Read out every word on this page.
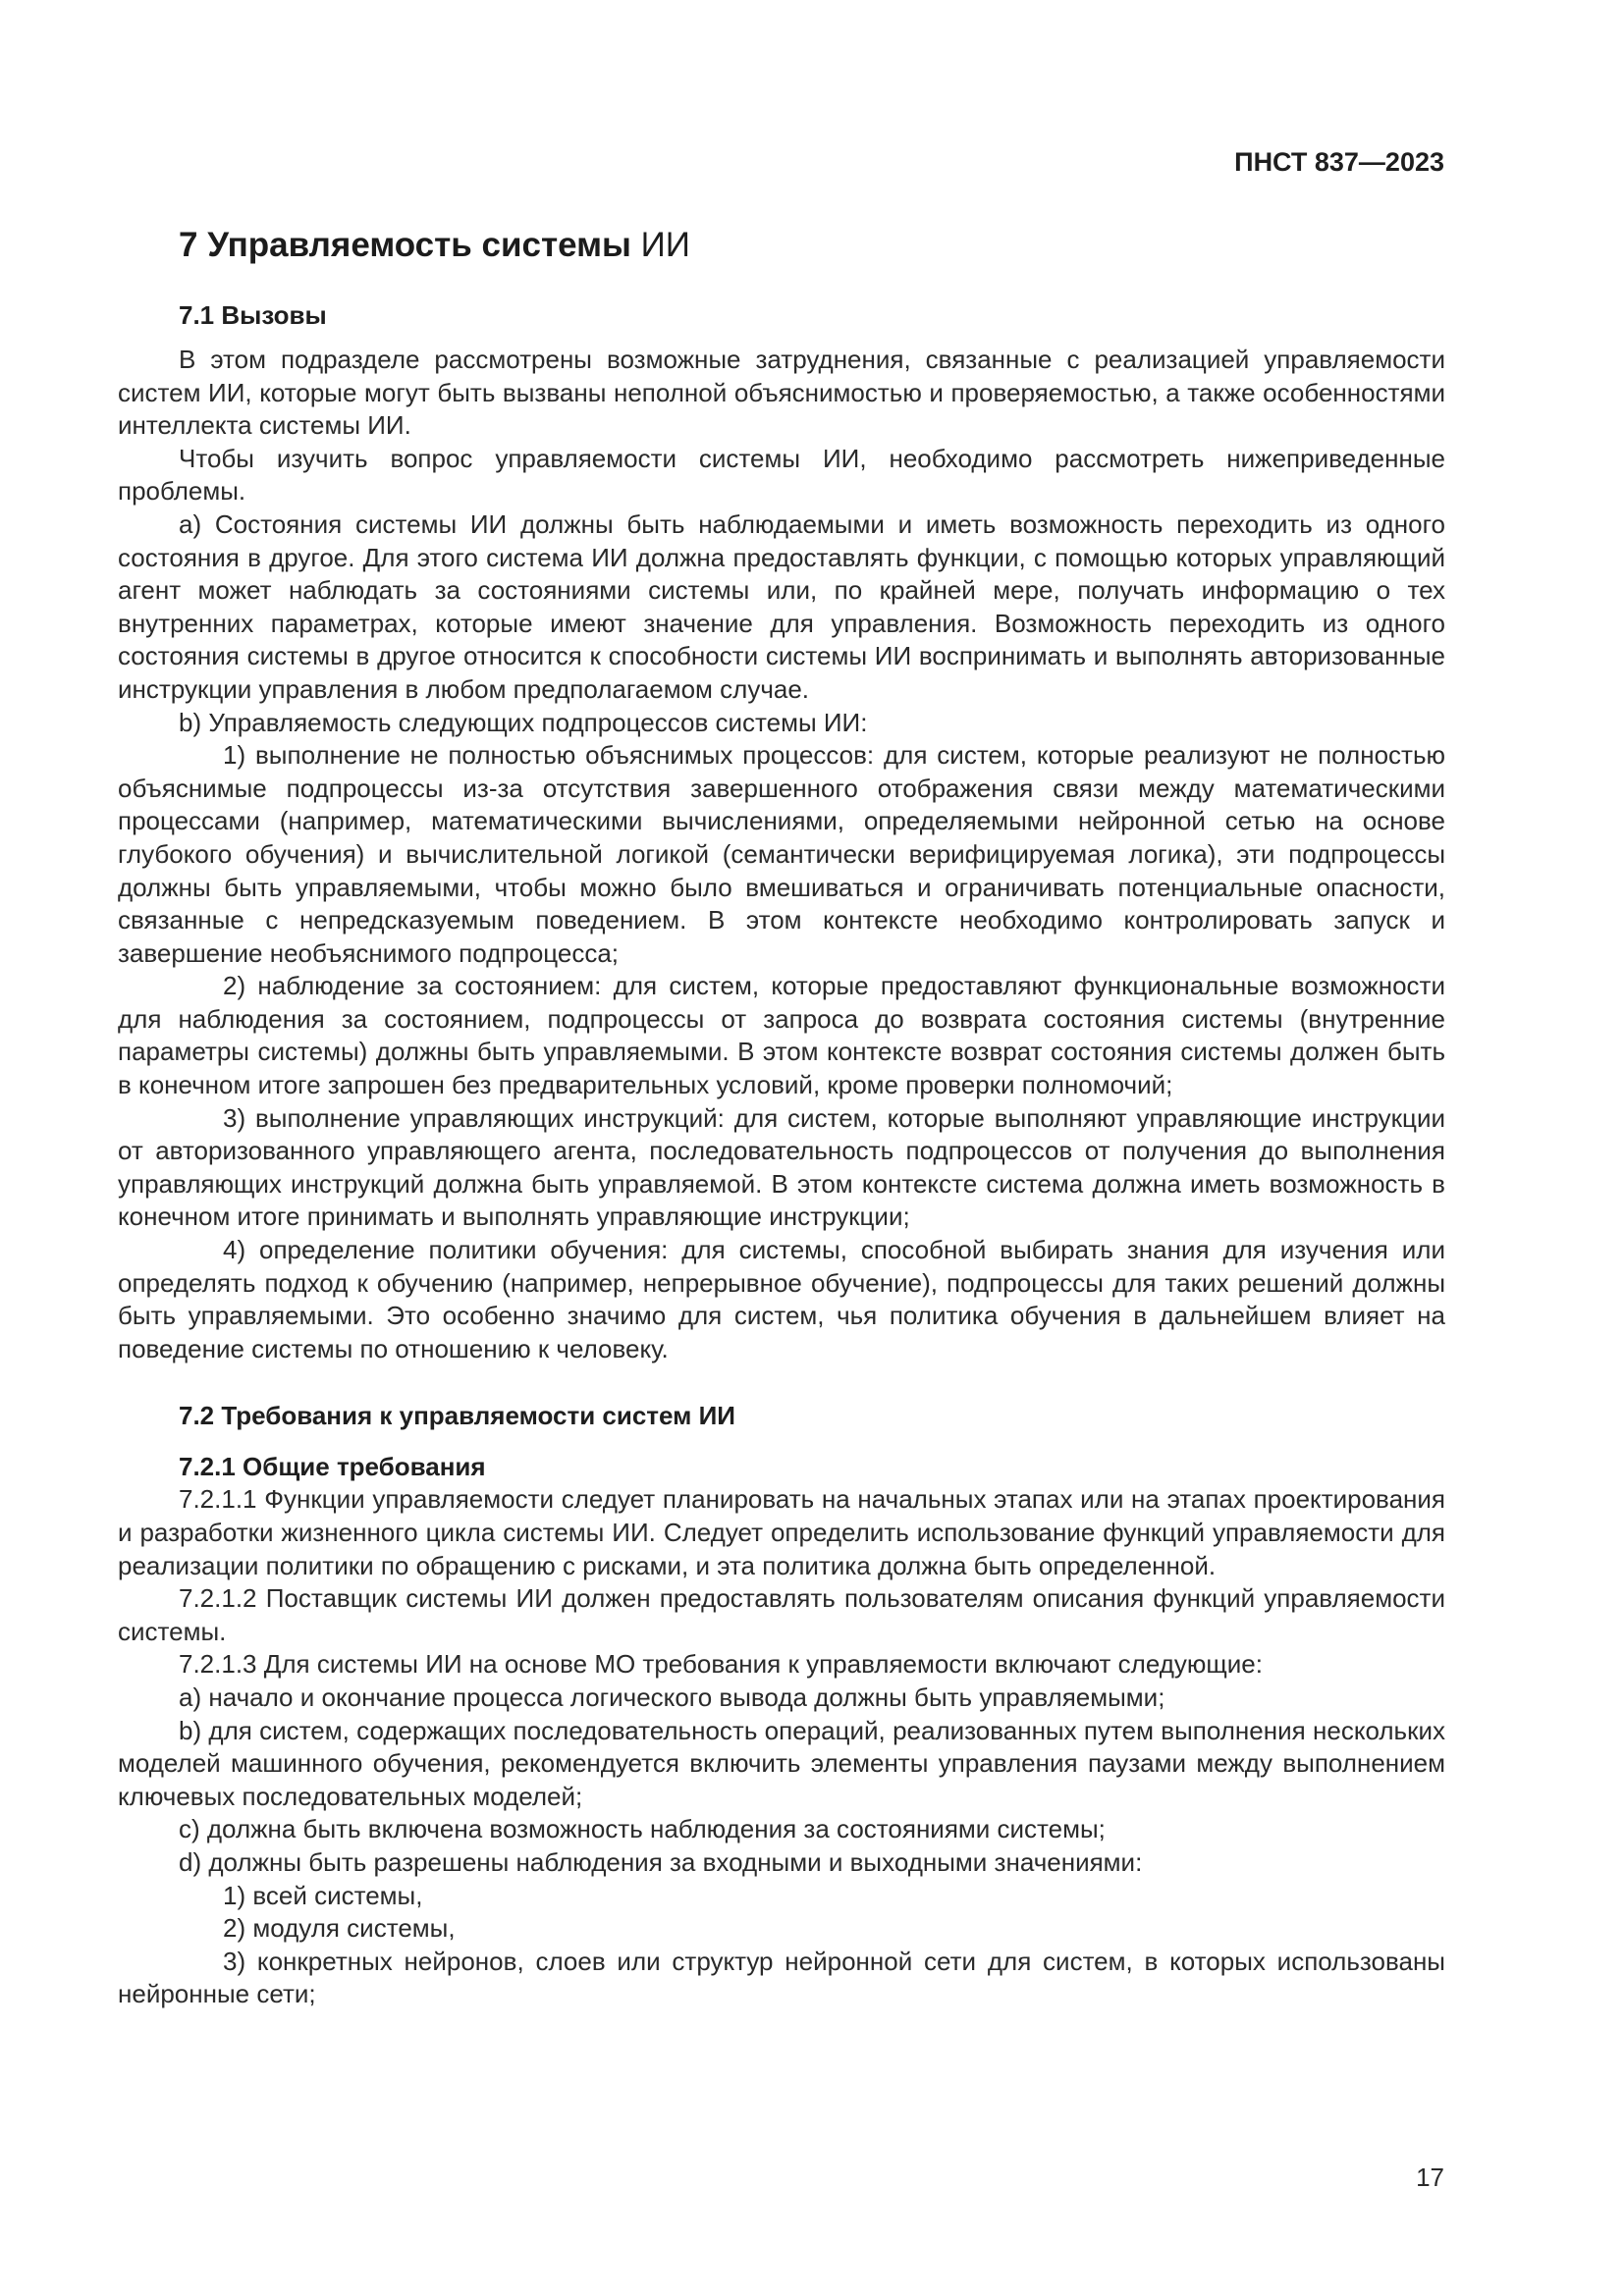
ПНСТ 837—2023
7 Управляемость системы ИИ
7.1 Вызовы

В этом подразделе рассмотрены возможные затруднения, связанные с реализацией управляемости систем ИИ, которые могут быть вызваны неполной объяснимостью и проверяемостью, а также особенностями интеллекта системы ИИ.

Чтобы изучить вопрос управляемости системы ИИ, необходимо рассмотреть нижеприведенные проблемы.

a) Состояния системы ИИ должны быть наблюдаемыми и иметь возможность переходить из одного состояния в другое. Для этого система ИИ должна предоставлять функции, с помощью которых управляющий агент может наблюдать за состояниями системы или, по крайней мере, получать информацию о тех внутренних параметрах, которые имеют значение для управления. Возможность переходить из одного состояния системы в другое относится к способности системы ИИ воспринимать и выполнять авторизованные инструкции управления в любом предполагаемом случае.

b) Управляемость следующих подпроцессов системы ИИ:

1) выполнение не полностью объяснимых процессов: для систем, которые реализуют не полностью объяснимые подпроцессы из-за отсутствия завершенного отображения связи между математическими процессами (например, математическими вычислениями, определяемыми нейронной сетью на основе глубокого обучения) и вычислительной логикой (семантически верифицируемая логика), эти подпроцессы должны быть управляемыми, чтобы можно было вмешиваться и ограничивать потенциальные опасности, связанные с непредсказуемым поведением. В этом контексте необходимо контролировать запуск и завершение необъяснимого подпроцесса;

2) наблюдение за состоянием: для систем, которые предоставляют функциональные возможности для наблюдения за состоянием, подпроцессы от запроса до возврата состояния системы (внутренние параметры системы) должны быть управляемыми. В этом контексте возврат состояния системы должен быть в конечном итоге запрошен без предварительных условий, кроме проверки полномочий;

3) выполнение управляющих инструкций: для систем, которые выполняют управляющие инструкции от авторизованного управляющего агента, последовательность подпроцессов от получения до выполнения управляющих инструкций должна быть управляемой. В этом контексте система должна иметь возможность в конечном итоге принимать и выполнять управляющие инструкции;

4) определение политики обучения: для системы, способной выбирать знания для изучения или определять подход к обучению (например, непрерывное обучение), подпроцессы для таких решений должны быть управляемыми. Это особенно значимо для систем, чья политика обучения в дальнейшем влияет на поведение системы по отношению к человеку.

7.2 Требования к управляемости систем ИИ
7.2.1 Общие требования

7.2.1.1 Функции управляемости следует планировать на начальных этапах или на этапах проектирования и разработки жизненного цикла системы ИИ. Следует определить использование функций управляемости для реализации политики по обращению с рисками, и эта политика должна быть определенной.

7.2.1.2 Поставщик системы ИИ должен предоставлять пользователям описания функций управляемости системы.

7.2.1.3 Для системы ИИ на основе МО требования к управляемости включают следующие:

a) начало и окончание процесса логического вывода должны быть управляемыми;

b) для систем, содержащих последовательность операций, реализованных путем выполнения нескольких моделей машинного обучения, рекомендуется включить элементы управления паузами между выполнением ключевых последовательных моделей;

c) должна быть включена возможность наблюдения за состояниями системы;

d) должны быть разрешены наблюдения за входными и выходными значениями:

1) всей системы,

2) модуля системы,

3) конкретных нейронов, слоев или структур нейронной сети для систем, в которых использованы нейронные сети;

17
